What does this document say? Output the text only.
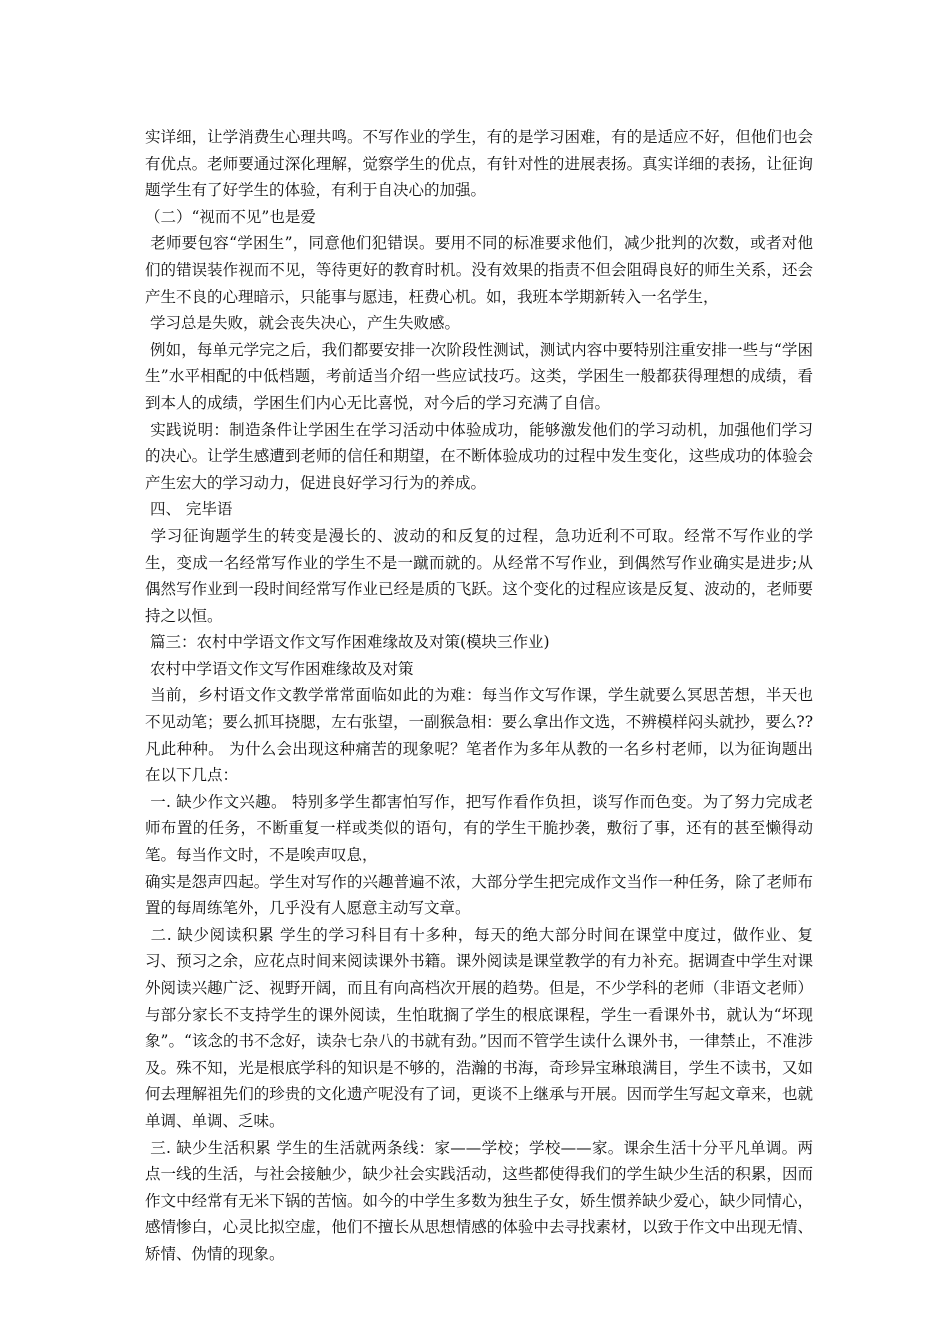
实详细，让学消费生心理共鸣。不写作业的学生，有的是学习困难，有的是适应不好，但他们也会有优点。老师要通过深化理解，觉察学生的优点，有针对性的进展表扬。真实详细的表扬，让征询题学生有了好学生的体验，有利于自决心的加强。

（二）“视而不见”也是爱

老师要包容“学困生”，同意他们犯错误。要用不同的标准要求他们，减少批判的次数，或者对他们的错误装作视而不见，等待更好的教育时机。没有效果的指责不但会阻碍良好的师生关系，还会产生不良的心理暗示，只能事与愿违，枉费心机。如，我班本学期新转入一名学生，

学习总是失败，就会丧失决心，产生失败感。

例如，每单元学完之后，我们都要安排一次阶段性测试，测试内容中要特别注重安排一些与“学困生”水平相配的中低档题，考前适当介绍一些应试技巧。这类，学困生一般都获得理想的成绩，看到本人的成绩，学困生们内心无比喜悦，对今后的学习充满了自信。

实践说明：制造条件让学困生在学习活动中体验成功，能够激发他们的学习动机，加强他们学习的决心。让学生感遭到老师的信任和期望，在不断体验成功的过程中发生变化，这些成功的体验会产生宏大的学习动力，促进良好学习行为的养成。

四、 完毕语

学习征询题学生的转变是漫长的、波动的和反复的过程，急功近利不可取。经常不写作业的学生，变成一名经常写作业的学生不是一蹴而就的。从经常不写作业，到偶然写作业确实是进步;从偶然写作业到一段时间经常写作业已经是质的飞跃。这个变化的过程应该是反复、波动的，老师要持之以恒。

篇三：农村中学语文作文写作困难缘故及对策(模块三作业)

农村中学语文作文写作困难缘故及对策

当前，乡村语文作文教学常常面临如此的为难：每当作文写作课，学生就要么冥思苦想，半天也不见动笔；要么抓耳挠腮，左右张望，一副猴急相：要么拿出作文选，不辨模样闷头就抄，要么??凡此种种。 为什么会出现这种痛苦的现象呢？笔者作为多年从教的一名乡村老师，以为征询题出在以下几点：

一. 缺少作文兴趣。 特别多学生都害怕写作，把写作看作负担，谈写作而色变。为了努力完成老师布置的任务，不断重复一样或类似的语句，有的学生干脆抄袭，敷衍了事，还有的甚至懒得动笔。每当作文时，不是唉声叹息，

确实是怨声四起。学生对写作的兴趣普遍不浓，大部分学生把完成作文当作一种任务，除了老师布置的每周练笔外，几乎没有人愿意主动写文章。

二. 缺少阅读积累 学生的学习科目有十多种，每天的绝大部分时间在课堂中度过，做作业、复习、预习之余，应花点时间来阅读课外书籍。课外阅读是课堂教学的有力补充。据调查中学生对课外阅读兴趣广泛、视野开阔，而且有向高档次开展的趋势。但是，不少学科的老师（非语文老师）与部分家长不支持学生的课外阅读，生怕耽搁了学生的根底课程，学生一看课外书，就认为“坏现象”。“该念的书不念好，读杂七杂八的书就有劲。”因而不管学生读什么课外书，一律禁止，不准涉及。殊不知，光是根底学科的知识是不够的，浩瀚的书海，奇珍异宝琳琅满目，学生不读书，又如何去理解祖先们的珍贵的文化遗产呢没有了词，更谈不上继承与开展。因而学生写起文章来，也就单调、单调、乏味。

三. 缺少生活积累 学生的生活就两条线：家——学校；学校——家。课余生活十分平凡单调。两点一线的生活，与社会接触少，缺少社会实践活动，这些都使得我们的学生缺少生活的积累，因而作文中经常有无米下锅的苦恼。如今的中学生多数为独生子女，娇生惯养缺少爱心，缺少同情心，感情惨白，心灵比拟空虚，他们不擅长从思想情感的体验中去寻找素材，以致于作文中出现无情、矫情、伪情的现象。
